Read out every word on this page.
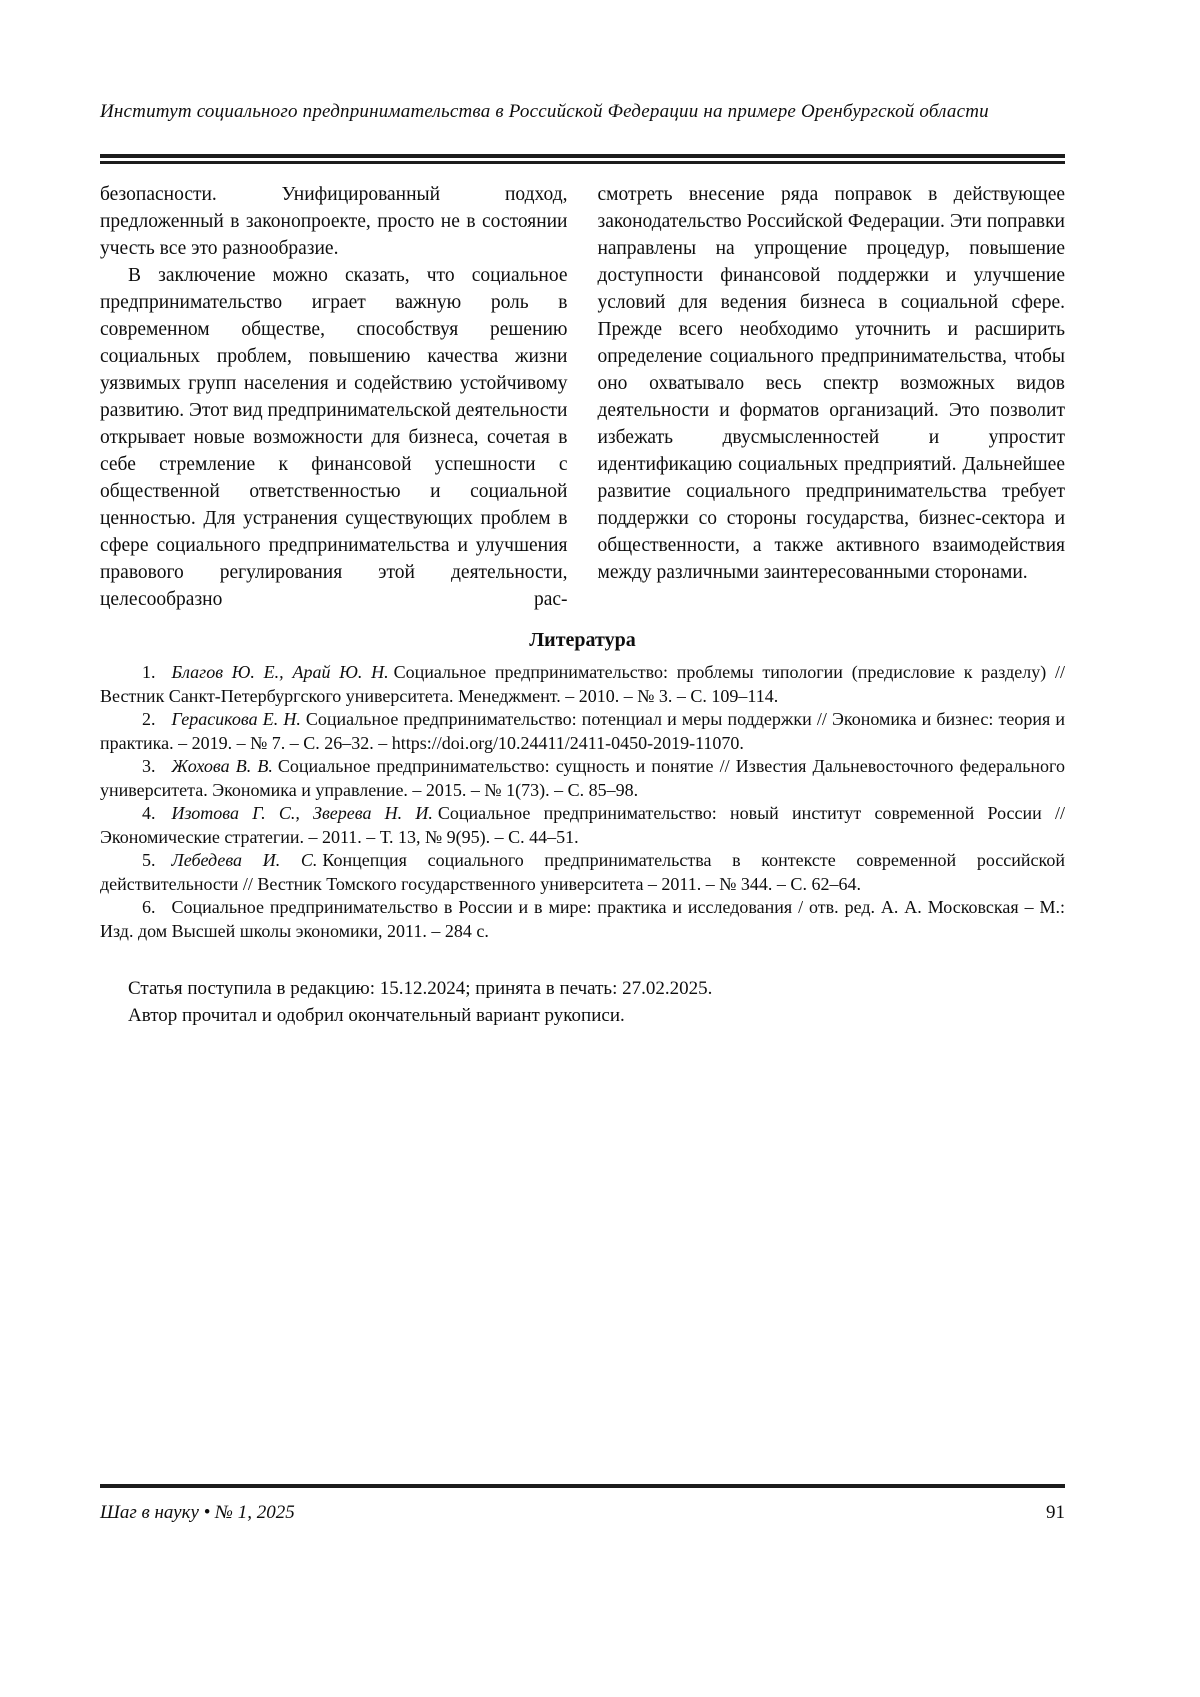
Институт социального предпринимательства в Российской Федерации на примере Оренбургской области

безопасности. Унифицированный подход, предложенный в законопроекте, просто не в состоянии учесть все это разнообразие.

В заключение можно сказать, что социальное предпринимательство играет важную роль в современном обществе, способствуя решению социальных проблем, повышению качества жизни уязвимых групп населения и содействию устойчивому развитию. Этот вид предпринимательской деятельности открывает новые возможности для бизнеса, сочетая в себе стремление к финансовой успешности с общественной ответственностью и социальной ценностью. Для устранения существующих проблем в сфере социального предпринимательства и улучшения правового регулирования этой деятельности, целесообразно рас-

смотреть внесение ряда поправок в действующее законодательство Российской Федерации. Эти поправки направлены на упрощение процедур, повышение доступности финансовой поддержки и улучшение условий для ведения бизнеса в социальной сфере. Прежде всего необходимо уточнить и расширить определение социального предпринимательства, чтобы оно охватывало весь спектр возможных видов деятельности и форматов организаций. Это позволит избежать двусмысленностей и упростит идентификацию социальных предприятий. Дальнейшее развитие социального предпринимательства требует поддержки со стороны государства, бизнес-сектора и общественности, а также активного взаимодействия между различными заинтересованными сторонами.

Литература

1. Благов Ю. Е., Арай Ю. Н. Социальное предпринимательство: проблемы типологии (предисловие к разделу) // Вестник Санкт-Петербургского университета. Менеджмент. – 2010. – № 3. – С. 109–114.

2. Герасикова Е. Н. Социальное предпринимательство: потенциал и меры поддержки // Экономика и бизнес: теория и практика. – 2019. – № 7. – С. 26–32. – https://doi.org/10.24411/2411-0450-2019-11070.

3. Жохова В. В. Социальное предпринимательство: сущность и понятие // Известия Дальневосточного федерального университета. Экономика и управление. – 2015. – № 1(73). – С. 85–98.

4. Изотова Г. С., Зверева Н. И. Социальное предпринимательство: новый институт современной России // Экономические стратегии. – 2011. – Т. 13, № 9(95). – С. 44–51.

5. Лебедева И. С. Концепция социального предпринимательства в контексте современной российской действительности // Вестник Томского государственного университета – 2011. – № 344. – С. 62–64.

6. Социальное предпринимательство в России и в мире: практика и исследования / отв. ред. А. А. Московская – М.: Изд. дом Высшей школы экономики, 2011. – 284 с.

Статья поступила в редакцию: 15.12.2024; принята в печать: 27.02.2025.

Автор прочитал и одобрил окончательный вариант рукописи.

Шаг в науку • № 1, 2025	91
